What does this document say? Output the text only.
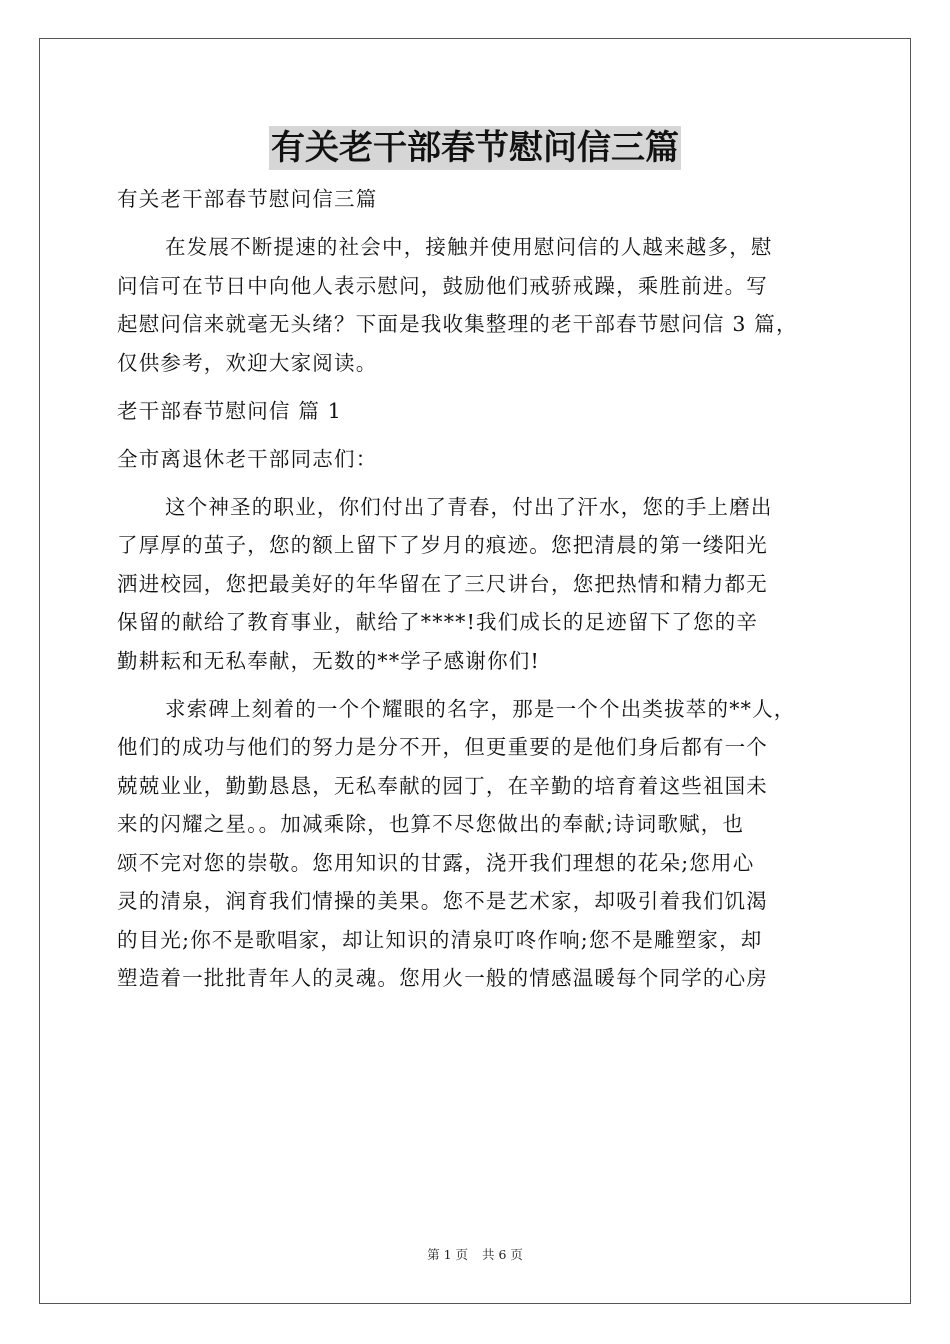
有关老干部春节慰问信三篇
有关老干部春节慰问信三篇
在发展不断提速的社会中，接触并使用慰问信的人越来越多，慰
问信可在节日中向他人表示慰问，鼓励他们戒骄戒躁，乘胜前进。写
起慰问信来就毫无头绪？下面是我收集整理的老干部春节慰问信 3 篇，
仅供参考，欢迎大家阅读。
老干部春节慰问信 篇 1
全市离退休老干部同志们：
这个神圣的职业，你们付出了青春，付出了汗水，您的手上磨出
了厚厚的茧子，您的额上留下了岁月的痕迹。您把清晨的第一缕阳光
洒进校园，您把最美好的年华留在了三尺讲台，您把热情和精力都无
保留的献给了教育事业，献给了****!我们成长的足迹留下了您的辛
勤耕耘和无私奉献，无数的**学子感谢你们!
求索碑上刻着的一个个耀眼的名字，那是一个个出类拔萃的**人，
他们的成功与他们的努力是分不开，但更重要的是他们身后都有一个
兢兢业业，勤勤恳恳，无私奉献的园丁，在辛勤的培育着这些祖国未
来的闪耀之星。。加减乘除，也算不尽您做出的奉献;诗词歌赋，也
颂不完对您的崇敬。您用知识的甘露，浇开我们理想的花朵;您用心
灵的清泉，润育我们情操的美果。您不是艺术家，却吸引着我们饥渴
的目光;你不是歌唱家，却让知识的清泉叮咚作响;您不是雕塑家，却
塑造着一批批青年人的灵魂。您用火一般的情感温暖每个同学的心房
第 1 页 共 6 页
